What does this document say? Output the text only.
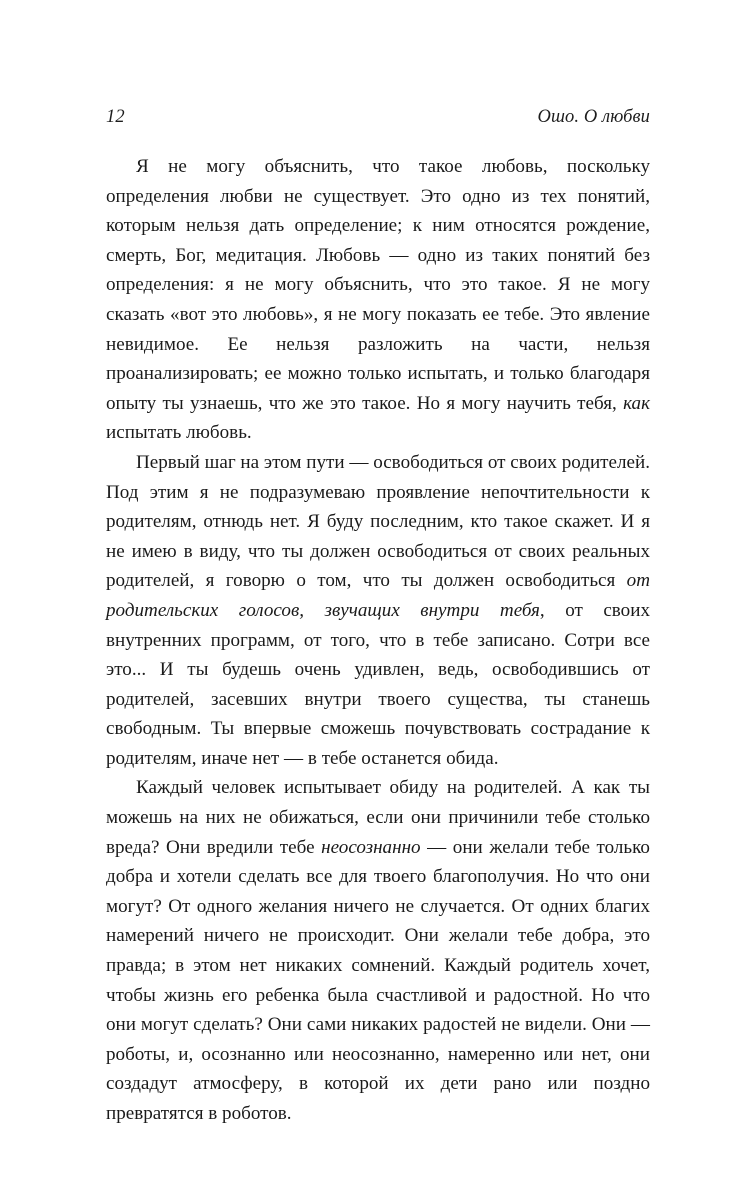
12	Ошо. О любви

Я не могу объяснить, что такое любовь, поскольку определения любви не существует. Это одно из тех понятий, которым нельзя дать определение; к ним относятся рождение, смерть, Бог, медитация. Любовь — одно из таких понятий без определения: я не могу объяснить, что это такое. Я не могу сказать «вот это любовь», я не могу показать ее тебе. Это явление невидимое. Ее нельзя разложить на части, нельзя проанализировать; ее можно только испытать, и только благодаря опыту ты узнаешь, что же это такое. Но я могу научить тебя, как испытать любовь.

Первый шаг на этом пути — освободиться от своих родителей. Под этим я не подразумеваю проявление непочтительности к родителям, отнюдь нет. Я буду последним, кто такое скажет. И я не имею в виду, что ты должен освободиться от своих реальных родителей, я говорю о том, что ты должен освободиться от родительских голосов, звучащих внутри тебя, от своих внутренних программ, от того, что в тебе записано. Сотри все это... И ты будешь очень удивлен, ведь, освободившись от родителей, засевших внутри твоего существа, ты станешь свободным. Ты впервые сможешь почувствовать сострадание к родителям, иначе нет — в тебе останется обида.

Каждый человек испытывает обиду на родителей. А как ты можешь на них не обижаться, если они причинили тебе столько вреда? Они вредили тебе неосознанно — они желали тебе только добра и хотели сделать все для твоего благополучия. Но что они могут? От одного желания ничего не случается. От одних благих намерений ничего не происходит. Они желали тебе добра, это правда; в этом нет никаких сомнений. Каждый родитель хочет, чтобы жизнь его ребенка была счастливой и радостной. Но что они могут сделать? Они сами никаких радостей не видели. Они — роботы, и, осознанно или неосознанно, намеренно или нет, они создадут атмосферу, в которой их дети рано или поздно превратятся в роботов.
